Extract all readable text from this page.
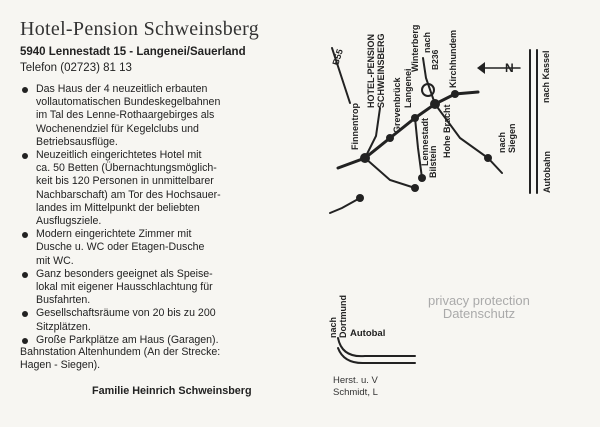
Hotel-Pension Schweinsberg
5940 Lennestadt 15 - Langenei/Sauerland
Telefon (02723) 81 13
Das Haus der 4 neuzeitlich erbauten
vollautomatischen Bundeskegelbahnen
im Tal des Lenne-Rothaargebirges als
Wochenendziel für Kegelclubs und
Betriebsausflüge.
Neuzeitlich eingerichtetes Hotel mit
ca. 50 Betten (Übernachtungsmöglich-
keit bis 120 Personen in unmittelbarer
Nachbarschaft) am Tor des Hochsauer-
landes im Mittelpunkt der beliebten
Ausflugsziele.
Modern eingerichtete Zimmer mit
Dusche u. WC oder Etagen-Dusche
mit WC.
Ganz besonders geeignet als Speise-
lokal mit eigener Hausschlachtung für
Busfahrten.
Gesellschaftsräume von 20 bis zu 200
Sitzplätzen.
Große Parkplätze am Haus (Garagen).
Bahnstation Altenhundem (An der Strecke:
Hagen - Siegen).
Familie Heinrich Schweinsberg
B55 HOTEL-PENSION SCHWEINSBERG Grevenbrück Langenei
nach
Winterberg B236 Kirchhundem	N	nach Kassel
Finnentrop	Lennestadt
Bilstein
Hohe Bracht	nach Siegen
Autobahn
nach Dortmund Autobal
Herst. u. V
Schmidt, L
privacy protection
Datenschutz
